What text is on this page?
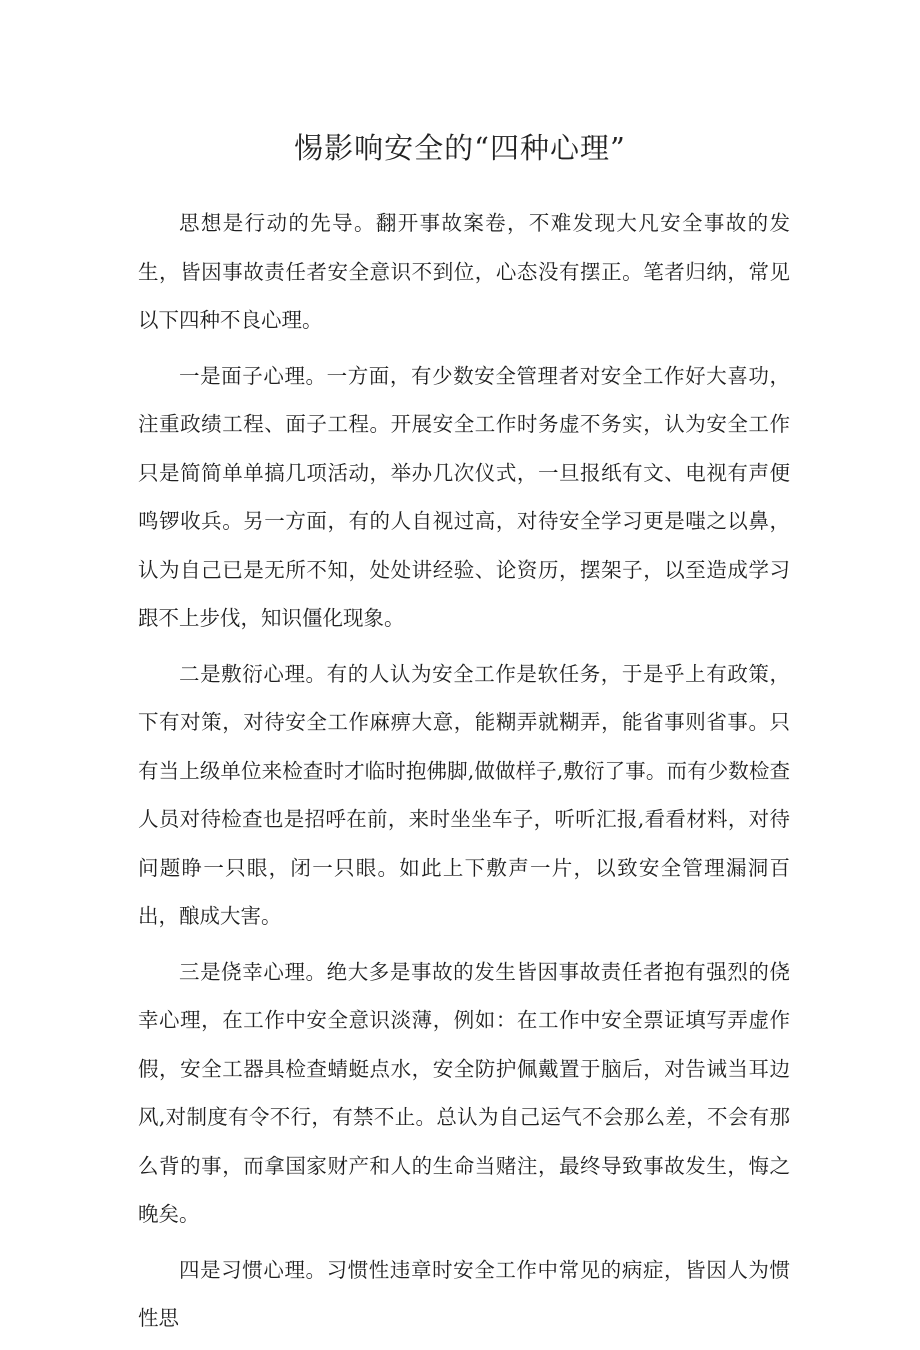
惕影响安全的“四种心理”

思想是行动的先导。翻开事故案卷，不难发现大凡安全事故的发生，皆因事故责任者安全意识不到位，心态没有摆正。笔者归纳，常见以下四种不良心理。

一是面子心理。一方面，有少数安全管理者对安全工作好大喜功，注重政绩工程、面子工程。开展安全工作时务虚不务实，认为安全工作只是简简单单搞几项活动，举办几次仪式，一旦报纸有文、电视有声便鸣锣收兵。另一方面，有的人自视过高，对待安全学习更是嗤之以鼻，认为自己已是无所不知，处处讲经验、论资历，摆架子，以至造成学习跟不上步伐，知识僵化现象。

二是敷衍心理。有的人认为安全工作是软任务，于是乎上有政策，下有对策，对待安全工作麻痹大意，能糊弄就糊弄，能省事则省事。只有当上级单位来检查时才临时抱佛脚,做做样子,敷衍了事。而有少数检查人员对待检查也是招呼在前，来时坐坐车子，听听汇报,看看材料，对待问题睁一只眼，闭一只眼。如此上下敷声一片，以致安全管理漏洞百出，酿成大害。

三是侥幸心理。绝大多是事故的发生皆因事故责任者抱有强烈的侥幸心理，在工作中安全意识淡薄，例如：在工作中安全票证填写弄虚作假，安全工器具检查蜻蜓点水，安全防护佩戴置于脑后，对告诫当耳边风,对制度有令不行，有禁不止。总认为自己运气不会那么差，不会有那么背的事，而拿国家财产和人的生命当赌注，最终导致事故发生，悔之晚矣。

四是习惯心理。习惯性违章时安全工作中常见的病症，皆因人为惯性思
